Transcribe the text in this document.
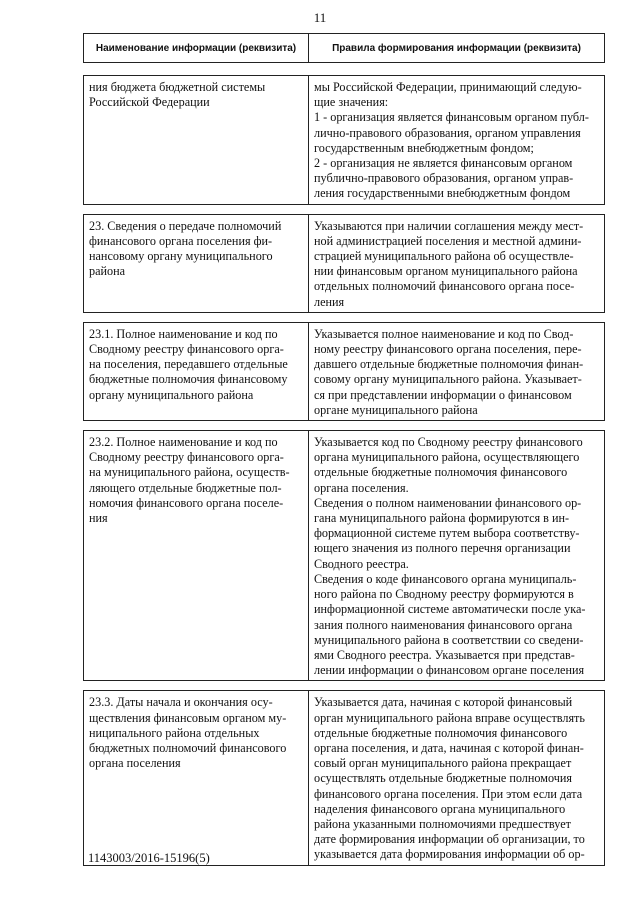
11
Наименование информации (реквизита)	Правила формирования информации (реквизита)
ния бюджета бюджетной системы
Российской Федерации
мы Российской Федерации, принимающий следую-
щие значения:
1 - организация является финансовым органом публ-
лично-правового образования, органом управления
государственным внебюджетным фондом;
2 - организация не является финансовым органом
публично-правового образования, органом управ-
ления государственными внебюджетным фондом
23. Сведения о передаче полномочий
финансового органа поселения фи-
нансовому органу муниципального
района
Указываются при наличии соглашения между мест-
ной администрацией поселения и местной админи-
страцией муниципального района об осуществле-
нии финансовым органом муниципального района
отдельных полномочий финансового органа посе-
ления
23.1. Полное наименование и код по
Сводному реестру финансового орга-
на поселения, передавшего отдельные
бюджетные полномочия финансовому
органу муниципального района
Указывается полное наименование и код по Свод-
ному реестру финансового органа поселения, пере-
давшего отдельные бюджетные полномочия финан-
совому органу муниципального района. Указывает-
ся при представлении информации о финансовом
органе муниципального района
23.2. Полное наименование и код по
Сводному реестру финансового орга-
на муниципального района, осуществ-
ляющего отдельные бюджетные пол-
номочия финансового органа поселе-
ния
Указывается код по Сводному реестру финансового
органа муниципального района, осуществляющего
отдельные бюджетные полномочия финансового
органа поселения.
Сведения о полном наименовании финансового ор-
гана муниципального района формируются в ин-
формационной системе путем выбора соответству-
ющего значения из полного перечня организации
Сводного реестра.
Сведения о коде финансового органа муниципаль-
ного района по Сводному реестру формируются в
информационной системе автоматически после ука-
зания полного наименования финансового органа
муниципального района в соответствии со сведени-
ями Сводного реестра. Указывается при представ-
лении информации о финансовом органе поселения
23.3. Даты начала и окончания осу-
ществления финансовым органом му-
ниципального района отдельных
бюджетных полномочий финансового
органа поселения
Указывается дата, начиная с которой финансовый
орган муниципального района вправе осуществлять
отдельные бюджетные полномочия финансового
органа поселения, и дата, начиная с которой финан-
совый орган муниципального района прекращает
осуществлять отдельные бюджетные полномочия
финансового органа поселения. При этом если дата
наделения финансового органа муниципального
района указанными полномочиями предшествует
дате формирования информации об организации, то
указывается дата формирования информации об ор-
1143003/2016-15196(5)
